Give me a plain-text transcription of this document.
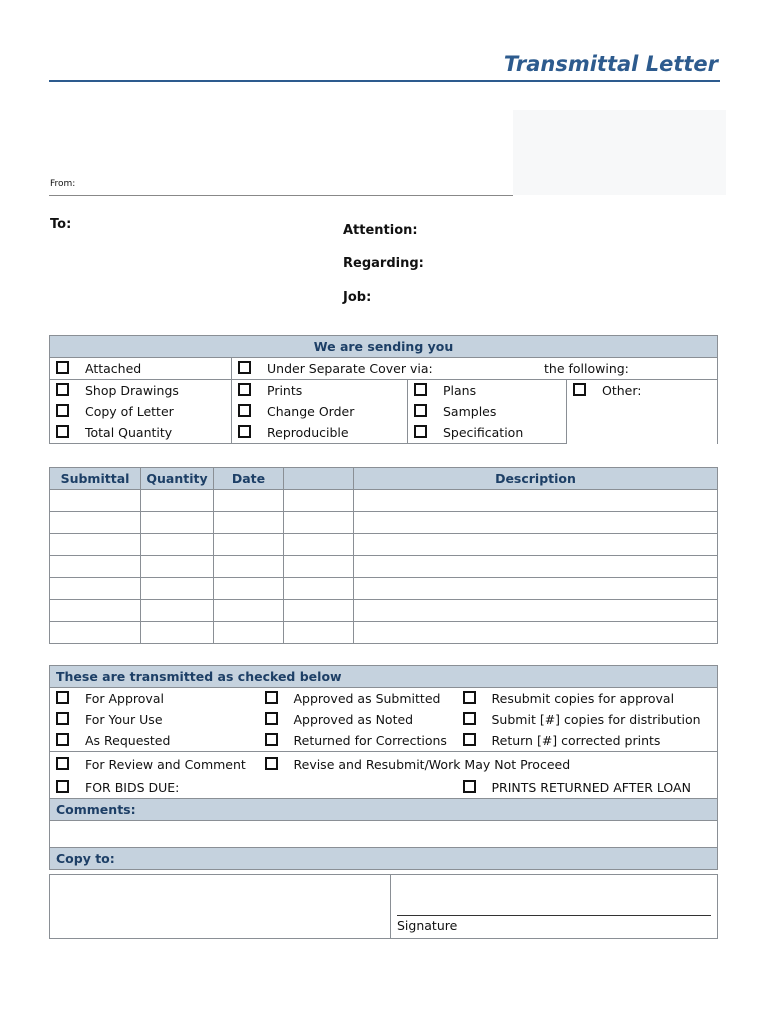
Transmittal Letter
From:
To:	Attention:
Regarding:
Job:
We are sending you			
Attached	Under Separate Cover via: the following:		

Shop Drawings	Prints	Plans	Other:
Copy of Letter	Change Order	Samples	
Total Quantity	Reproducible	Specification	
Submittal	Quantity	Date		Description

These are transmitted as checked below		
For Approval	Approved as Submitted	Resubmit copies for approval
For Your Use	Approved as Noted	Submit [#] copies for distribution
As Requested	Returned for Corrections	Return [#] corrected prints
For Review and Comment	Revise and Resubmit/Work May Not Proceed	
FOR BIDS DUE:		PRINTS RETURNED AFTER LOAN
Comments:		

Copy to:		

Signature
